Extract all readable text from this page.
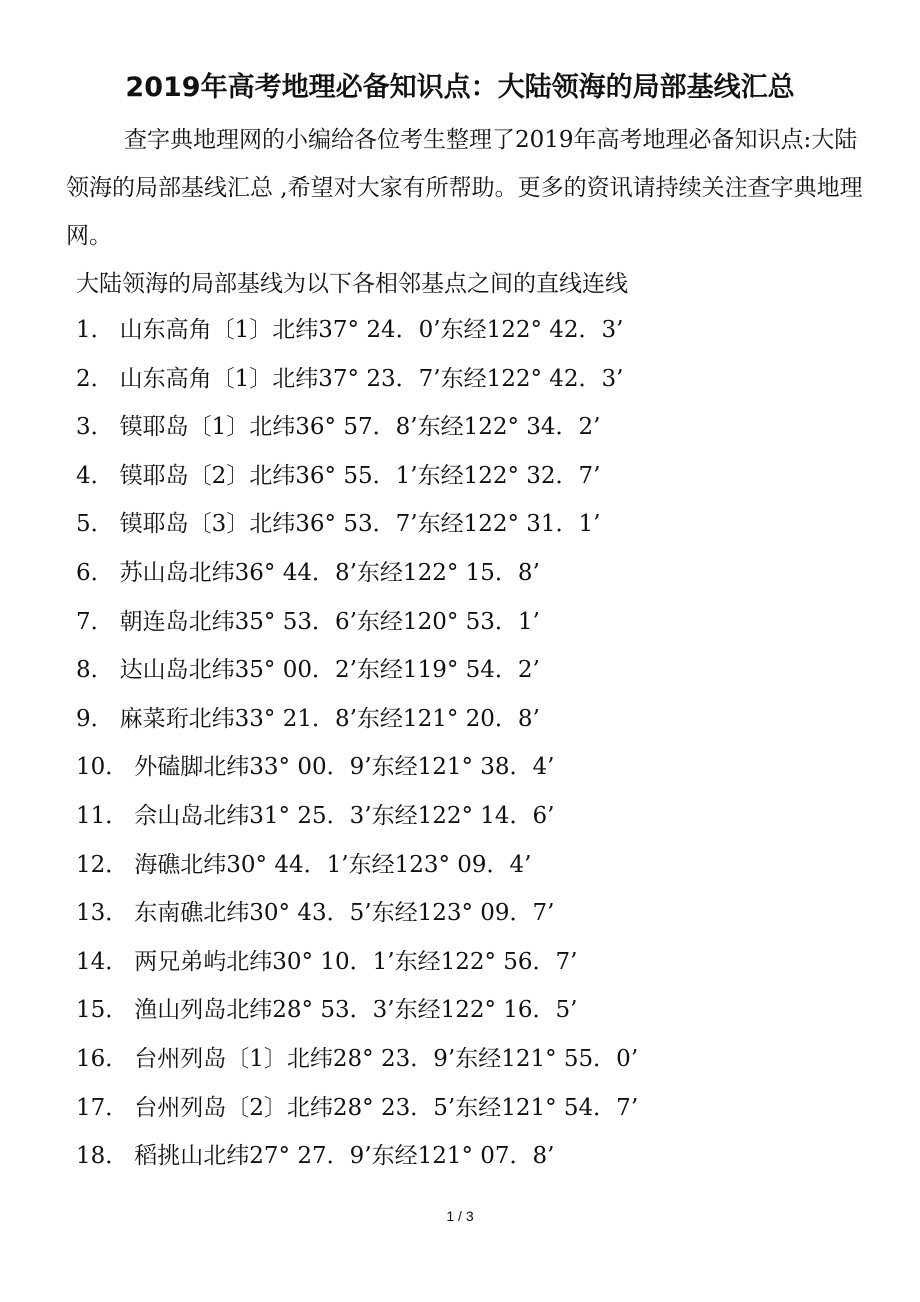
2019年高考地理必备知识点：大陆领海的局部基线汇总

查字典地理网的小编给各位考生整理了2019年高考地理必备知识点:大陆领海的局部基线汇总 ,希望对大家有所帮助。更多的资讯请持续关注查字典地理网。

大陆领海的局部基线为以下各相邻基点之间的直线连线

1． 山东高角〔1〕北纬37° 24．0’东经122° 42．3’
2． 山东高角〔1〕北纬37° 23．7’东经122° 42．3’
3． 镆耶岛〔1〕北纬36° 57．8’东经122° 34．2’
4． 镆耶岛〔2〕北纬36° 55．1’东经122° 32．7’
5． 镆耶岛〔3〕北纬36° 53．7’东经122° 31．1’
6． 苏山岛北纬36° 44．8’东经122° 15．8’
7． 朝连岛北纬35° 53．6’东经120° 53．1’
8． 达山岛北纬35° 00．2’东经119° 54．2’
9． 麻菜珩北纬33° 21．8’东经121° 20．8’
10． 外磕脚北纬33° 00．9’东经121° 38．4’
11． 佘山岛北纬31° 25．3’东经122° 14．6’
12． 海礁北纬30° 44．1’东经123° 09．4’
13． 东南礁北纬30° 43．5’东经123° 09．7’
14． 两兄弟屿北纬30° 10．1’东经122° 56．7’
15． 渔山列岛北纬28° 53．3’东经122° 16．5’
16． 台州列岛〔1〕北纬28° 23．9’东经121° 55．0’
17． 台州列岛〔2〕北纬28° 23．5’东经121° 54．7’
18． 稻挑山北纬27° 27．9’东经121° 07．8’
1 / 3
